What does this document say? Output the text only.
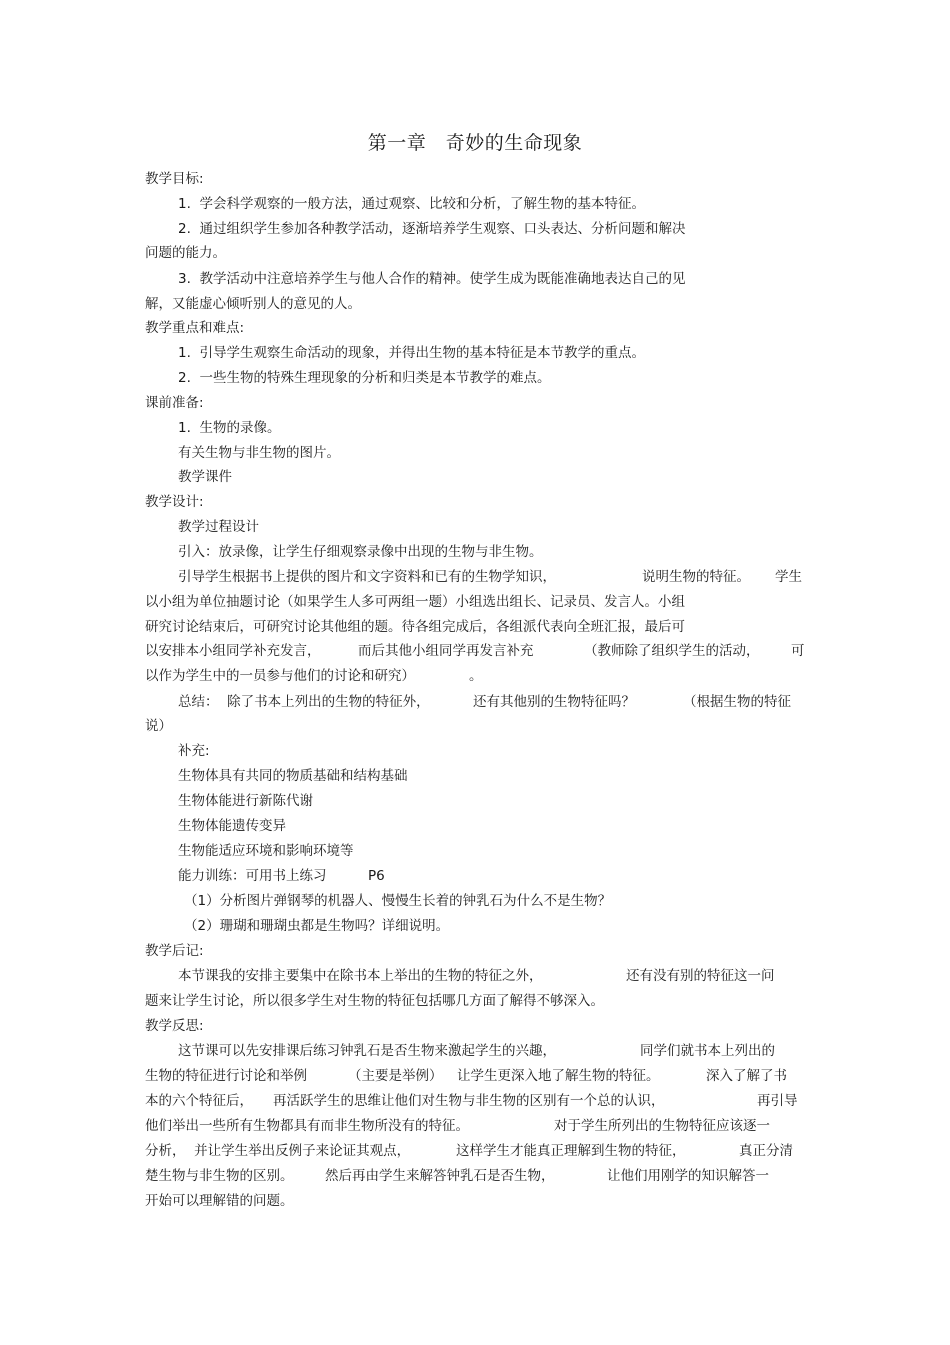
第一章   奇妙的生命现象
教学目标:
1.  学会科学观察的一般方法，通过观察、比较和分析，了解生物的基本特征。
2.  通过组织学生参加各种教学活动，逐渐培养学生观察、口头表达、分析问题和解决
问题的能力。
3.  教学活动中注意培养学生与他人合作的精神。使学生成为既能准确地表达自己的见
解，又能虚心倾听别人的意见的人。
教学重点和难点:
1.  引导学生观察生命活动的现象，并得出生物的基本特征是本节教学的重点。
2.  一些生物的特殊生理现象的分析和归类是本节教学的难点。
课前准备:
1.  生物的录像。
有关生物与非生物的图片。
教学课件
教学设计:
教学过程设计
引入：放录像，让学生仔细观察录像中出现的生物与非生物。
引导学生根据书上提供的图片和文字资料和已有的生物学知识，	说明生物的特征。 学生
以小组为单位抽题讨论（如果学生人多可两组一题）小组选出组长、记录员、发言人。小组
研究讨论结束后，可研究讨论其他组的题。待各组完成后，各组派代表向全班汇报，最后可
以安排本小组同学补充发言，	而后其他小组同学再发言补充	（教师除了组织学生的活动， 可
以作为学生中的一员参与他们的讨论和研究）	。
总结：  除了书本上列出的生物的特征外，	还有其他别的生物特征吗？	（根据生物的特征
说）
补充:
生物体具有共同的物质基础和结构基础
生物体能进行新陈代谢
生物体能遗传变异
生物能适应环境和影响环境等
能力训练：可用书上练习	P6
（1）分析图片弹钢琴的机器人、慢慢生长着的钟乳石为什么不是生物？
（2）珊瑚和珊瑚虫都是生物吗？详细说明。
教学后记:
本节课我的安排主要集中在除书本上举出的生物的特征之外，	还有没有别的特征这一问
题来让学生讨论，所以很多学生对生物的特征包括哪几方面了解得不够深入。
教学反思:
这节课可以先安排课后练习钟乳石是否生物来激起学生的兴趣，	同学们就书本上列出的
生物的特征进行讨论和举例	（主要是举例） 让学生更深入地了解生物的特征。	深入了解了书
本的六个特征后， 再活跃学生的思维让他们对生物与非生物的区别有一个总的认识，	再引导
他们举出一些所有生物都具有而非生物所没有的特征。	对于学生所列出的生物特征应该逐一
分析，  并让学生举出反例子来论证其观点，	这样学生才能真正理解到生物的特征，	真正分清
楚生物与非生物的区别。 然后再由学生来解答钟乳石是否生物，	让他们用刚学的知识解答一
开始可以理解错的问题。
